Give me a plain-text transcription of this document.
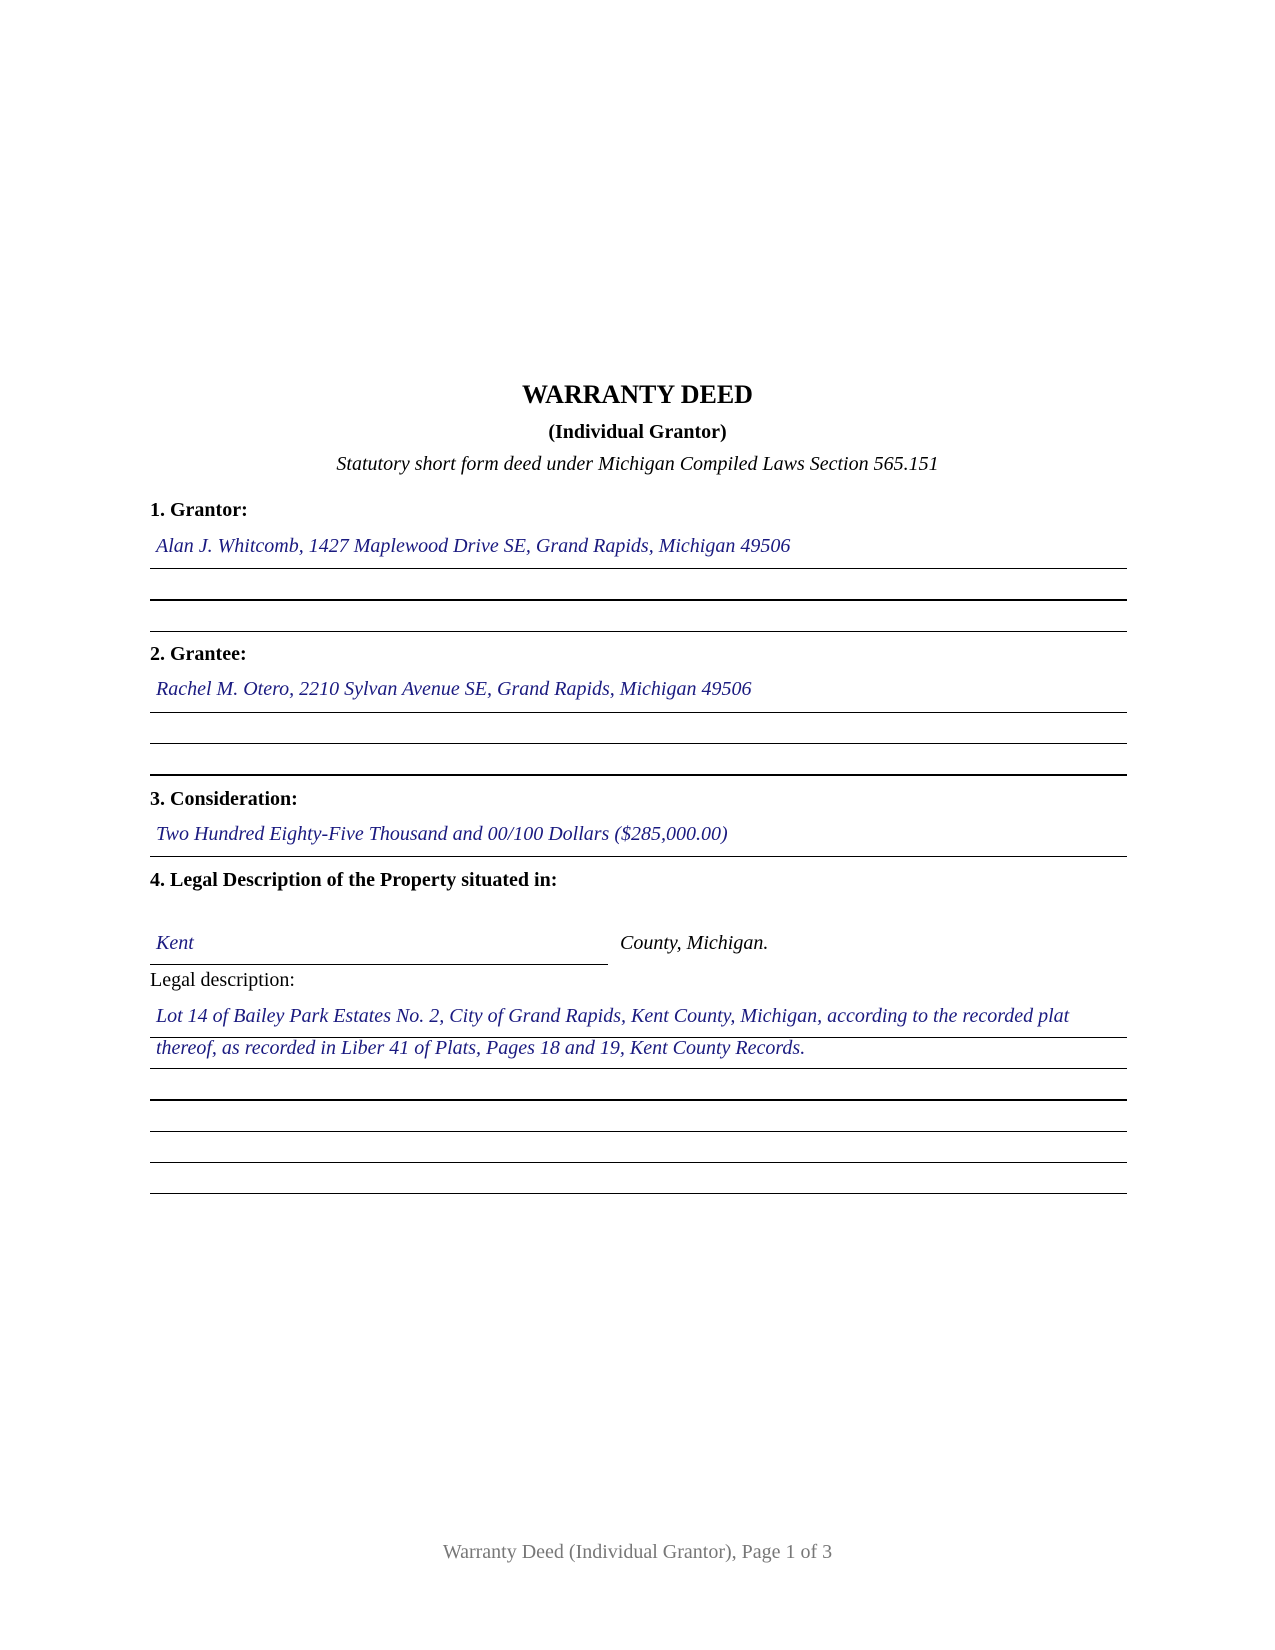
WARRANTY DEED
(Individual Grantor)
Statutory short form deed under Michigan Compiled Laws Section 565.151
1. Grantor:
Alan J. Whitcomb, 1427 Maplewood Drive SE, Grand Rapids, Michigan 49506
2. Grantee:
Rachel M. Otero, 2210 Sylvan Avenue SE, Grand Rapids, Michigan 49506
3. Consideration:
Two Hundred Eighty-Five Thousand and 00/100 Dollars ($285,000.00)
4. Legal Description of the Property situated in:
Kent	County, Michigan.
Legal description:
Lot 14 of Bailey Park Estates No. 2, City of Grand Rapids, Kent County, Michigan, according to the recorded plat
thereof, as recorded in Liber 41 of Plats, Pages 18 and 19, Kent County Records.
Warranty Deed (Individual Grantor), Page 1 of 3
